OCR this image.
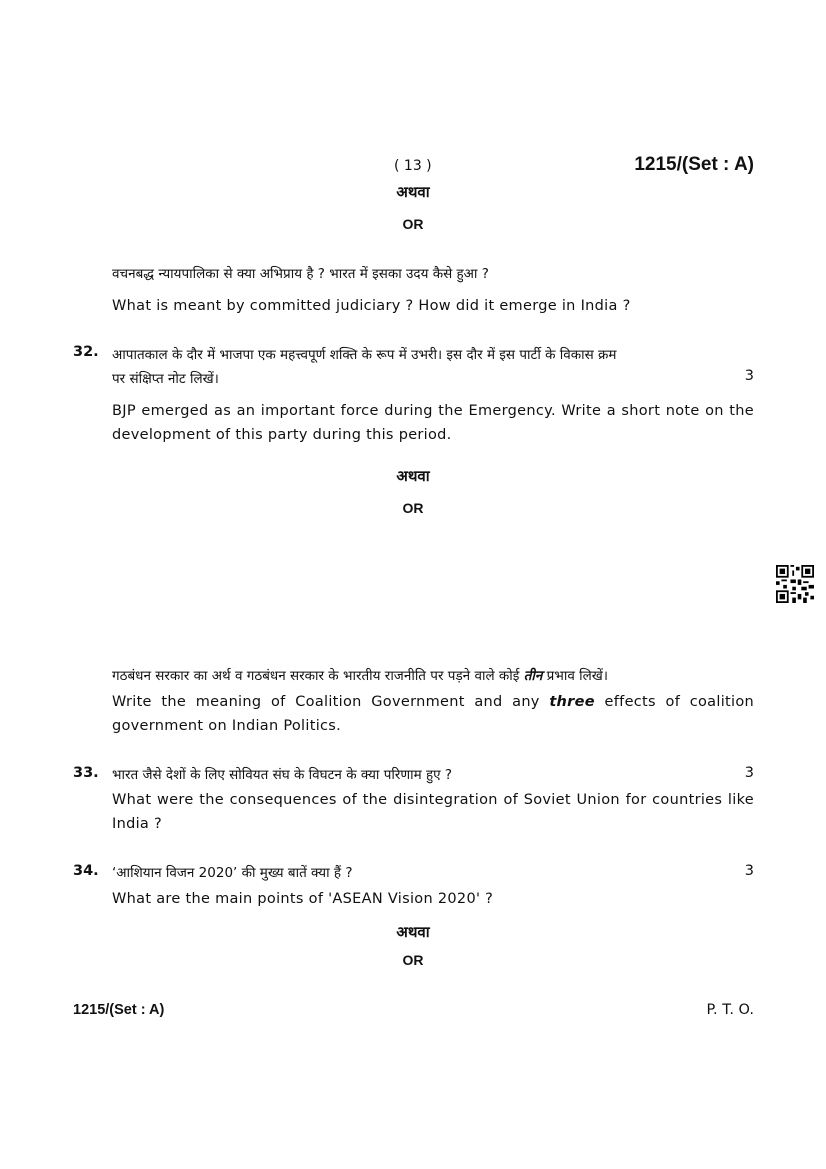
( 13 )	1215/(Set : A)
अथवा
OR
वचनबद्ध न्यायपालिका से क्या अभिप्राय है ? भारत में इसका उदय कैसे हुआ ?
What is meant by committed judiciary ? How did it emerge in India ?
32. आपातकाल के दौर में भाजपा एक महत्त्वपूर्ण शक्ति के रूप में उभरी। इस दौर में इस पार्टी के विकास क्रम
पर संक्षिप्त नोट लिखें।	3
BJP emerged as an important force during the Emergency. Write a short note on the development of this party during this period.
अथवा
OR
गठबंधन सरकार का अर्थ व गठबंधन सरकार के भारतीय राजनीति पर पड़ने वाले कोई तीन प्रभाव लिखें।
Write the meaning of Coalition Government and any three effects of coalition government on Indian Politics.
33. भारत जैसे देशों के लिए सोवियत संघ के विघटन के क्या परिणाम हुए ?	3
What were the consequences of the disintegration of Soviet Union for countries like India ?
34. ‘आशियान विजन 2020’ की मुख्य बातें क्या हैं ?	3
What are the main points of 'ASEAN Vision 2020' ?
अथवा
OR
1215/(Set : A)	P. T. O.
